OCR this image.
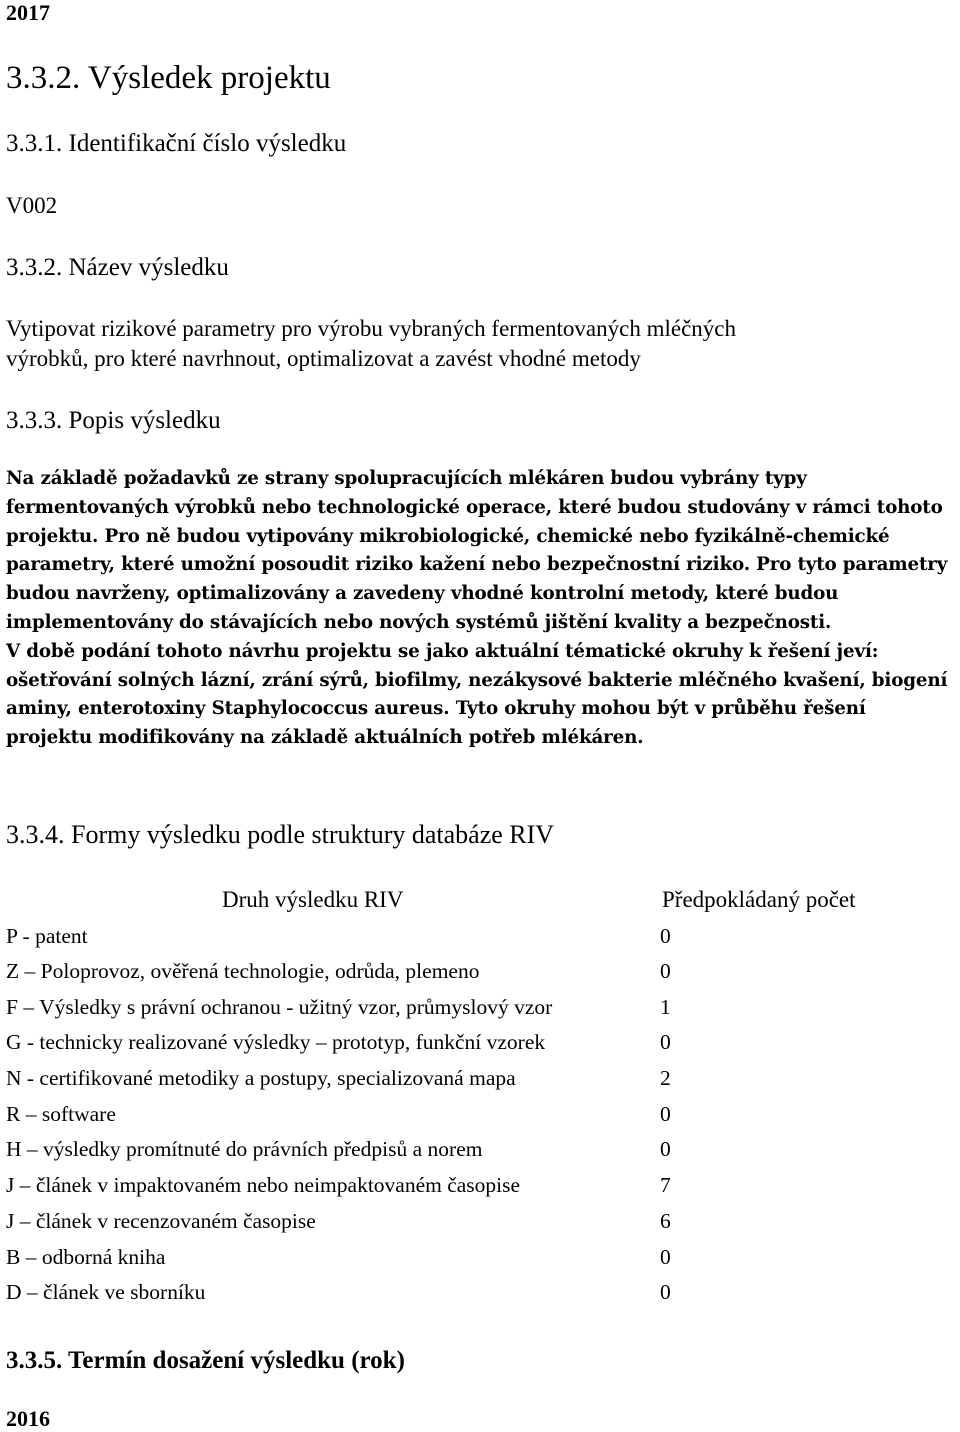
2017
3.3.2. Výsledek projektu
3.3.1. Identifikační číslo výsledku
V002
3.3.2. Název výsledku
Vytipovat rizikové parametry pro výrobu vybraných fermentovaných mléčných
výrobků, pro které navrhnout, optimalizovat a zavést vhodné metody
3.3.3. Popis výsledku

Na základě požadavků ze strany spolupracujících mlékáren budou vybrány typy fermentovaných výrobků nebo technologické operace, které budou studovány v rámci tohoto projektu. Pro ně budou vytipovány mikrobiologické, chemické nebo fyzikálně-chemické parametry, které umožní posoudit riziko kažení nebo bezpečnostní riziko. Pro tyto parametry budou navrženy, optimalizovány a zavedeny vhodné kontrolní metody, které budou implementovány do stávajících nebo nových systémů jištění kvality a bezpečnosti.

V době podání tohoto návrhu projektu se jako aktuální tématické okruhy k řešení jeví: ošetřování solných lázní, zrání sýrů, biofilmy, nezákysové bakterie mléčného kvašení, biogení aminy, enterotoxiny Staphylococcus aureus. Tyto okruhy mohou být v průběhu řešení projektu modifikovány na základě aktuálních potřeb mlékáren.

3.3.4. Formy výsledku podle struktury databáze RIV
Druh výsledku RIV	Předpokládaný počet
P - patent	0
Z – Poloprovoz, ověřená technologie, odrůda, plemeno	0
F – Výsledky s právní ochranou - užitný vzor, průmyslový vzor	1
G - technicky realizované výsledky – prototyp, funkční vzorek	0
N - certifikované metodiky a postupy, specializovaná mapa	2
R – software	0
H – výsledky promítnuté do právních předpisů a norem	0
J – článek v impaktovaném nebo neimpaktovaném časopise	7
J – článek v recenzovaném časopise	6
B – odborná kniha	0
D – článek ve sborníku	0
3.3.5. Termín dosažení výsledku (rok)
2016
